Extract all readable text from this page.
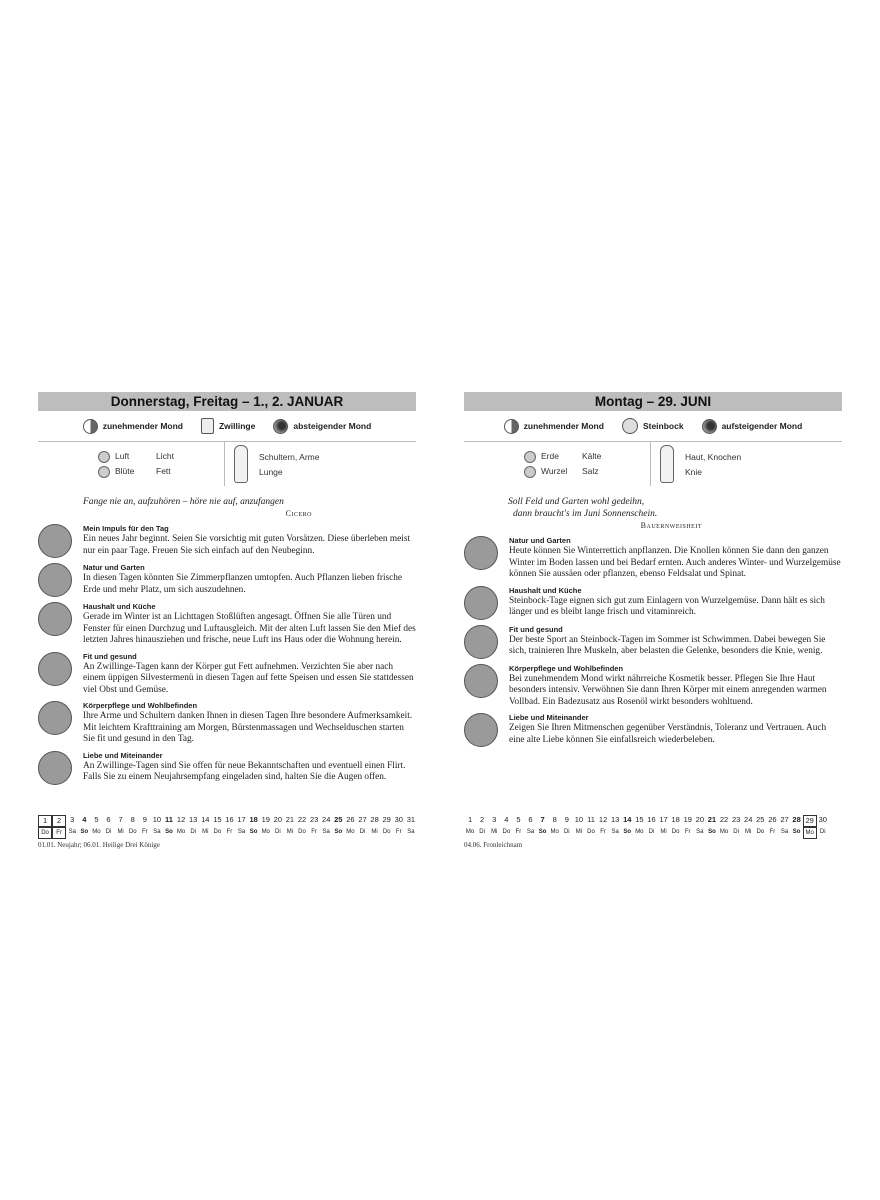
Donnerstag, Freitag – 1., 2. JANUAR
zunehmender Mond	Zwillinge	absteigender Mond
Luft	Licht
Blüte	Fett
Schultern, Arme
Lunge
Fange nie an, aufzuhören – höre nie auf, anzufangen
Cicero
Mein Impuls für den Tag

Ein neues Jahr beginnt. Seien Sie vorsichtig mit guten Vorsätzen. Diese überleben meist nur ein paar Tage. Freuen Sie sich einfach auf den Neubeginn.

Natur und Garten

In diesen Tagen könnten Sie Zimmerpflanzen umtopfen. Auch Pflanzen lieben frische Erde und mehr Platz, um sich auszudehnen.

Haushalt und Küche

Gerade im Winter ist an Lichttagen Stoßlüften angesagt. Öffnen Sie alle Türen und Fenster für einen Durchzug und Luftausgleich. Mit der alten Luft lassen Sie den Mief des letzten Jahres hinausziehen und frische, neue Luft ins Haus oder die Wohnung herein.

Fit und gesund

An Zwillinge-Tagen kann der Körper gut Fett aufnehmen. Verzichten Sie aber nach einem üppigen Silvestermenü in diesen Tagen auf fette Speisen und essen Sie stattdessen viel Obst und Gemüse.

Körperpflege und Wohlbefinden

Ihre Arme und Schultern danken Ihnen in diesen Tagen Ihre besondere Aufmerksamkeit. Mit leichtem Krafttraining am Morgen, Bürstenmassagen und Wechselduschen starten Sie fit und gesund in den Tag.

Liebe und Miteinander

An Zwillinge-Tagen sind Sie offen für neue Bekanntschaften und eventuell einen Flirt. Falls Sie zu einem Neujahrsempfang eingeladen sind, halten Sie die Augen offen.

1	2	3	4	5	6	7	8	9 10 11 12 13 14 15 16 17 18 19 20 21 22 23 24 25 26 27 28 29 30 31
Do	Fr	Sa So Mo Di	Mi Do Fr Sa So Mo Di	Mi Do Fr Sa So Mo Di	Mi Do Fr Sa So Mo Di	Mi Do Fr Sa
01.01. Neujahr; 06.01. Heilige Drei Könige
Montag – 29. JUNI
zunehmender Mond	Steinbock	aufsteigender Mond
Erde	Kälte
Wurzel Salz
Haut, Knochen
Knie
Soll Feld und Garten wohl gedeihn,
dann braucht's im Juni Sonnenschein.
Bauernweisheit
Natur und Garten

Heute können Sie Winterrettich anpflanzen. Die Knollen können Sie dann den ganzen Winter im Boden lassen und bei Bedarf ernten. Auch anderes Winter- und Wurzelgemüse können Sie aussäen oder pflanzen, ebenso Feldsalat und Spinat.

Haushalt und Küche

Steinbock-Tage eignen sich gut zum Einlagern von Wurzelgemüse. Dann hält es sich länger und es bleibt lange frisch und vitaminreich.

Fit und gesund

Der beste Sport an Steinbock-Tagen im Sommer ist Schwimmen. Dabei bewegen Sie sich, trainieren Ihre Muskeln, aber belasten die Gelenke, besonders die Knie, wenig.

Körperpflege und Wohlbefinden

Bei zunehmendem Mond wirkt nährreiche Kosmetik besser. Pflegen Sie Ihre Haut besonders intensiv. Verwöhnen Sie dann Ihren Körper mit einem anregenden warmen Vollbad. Ein Badezusatz aus Rosenöl wirkt besonders wohltuend.

Liebe und Miteinander

Zeigen Sie Ihren Mitmenschen gegenüber Verständnis, Toleranz und Vertrauen. Auch eine alte Liebe können Sie einfallsreich wiederbeleben.

1	2	3	4	5	6	7	8	9 10 11 12 13 14 15 16 17 18 19 20 21 22 23 24 25 26 27 28 29 30
Mo Di	Mi Do Fr Sa So Mo Di	Mi Do Fr Sa So Mo Di	Mi Do Fr Sa So Mo Di	Mi Do Fr Sa So Mo	Di
04.06. Fronleichnam
